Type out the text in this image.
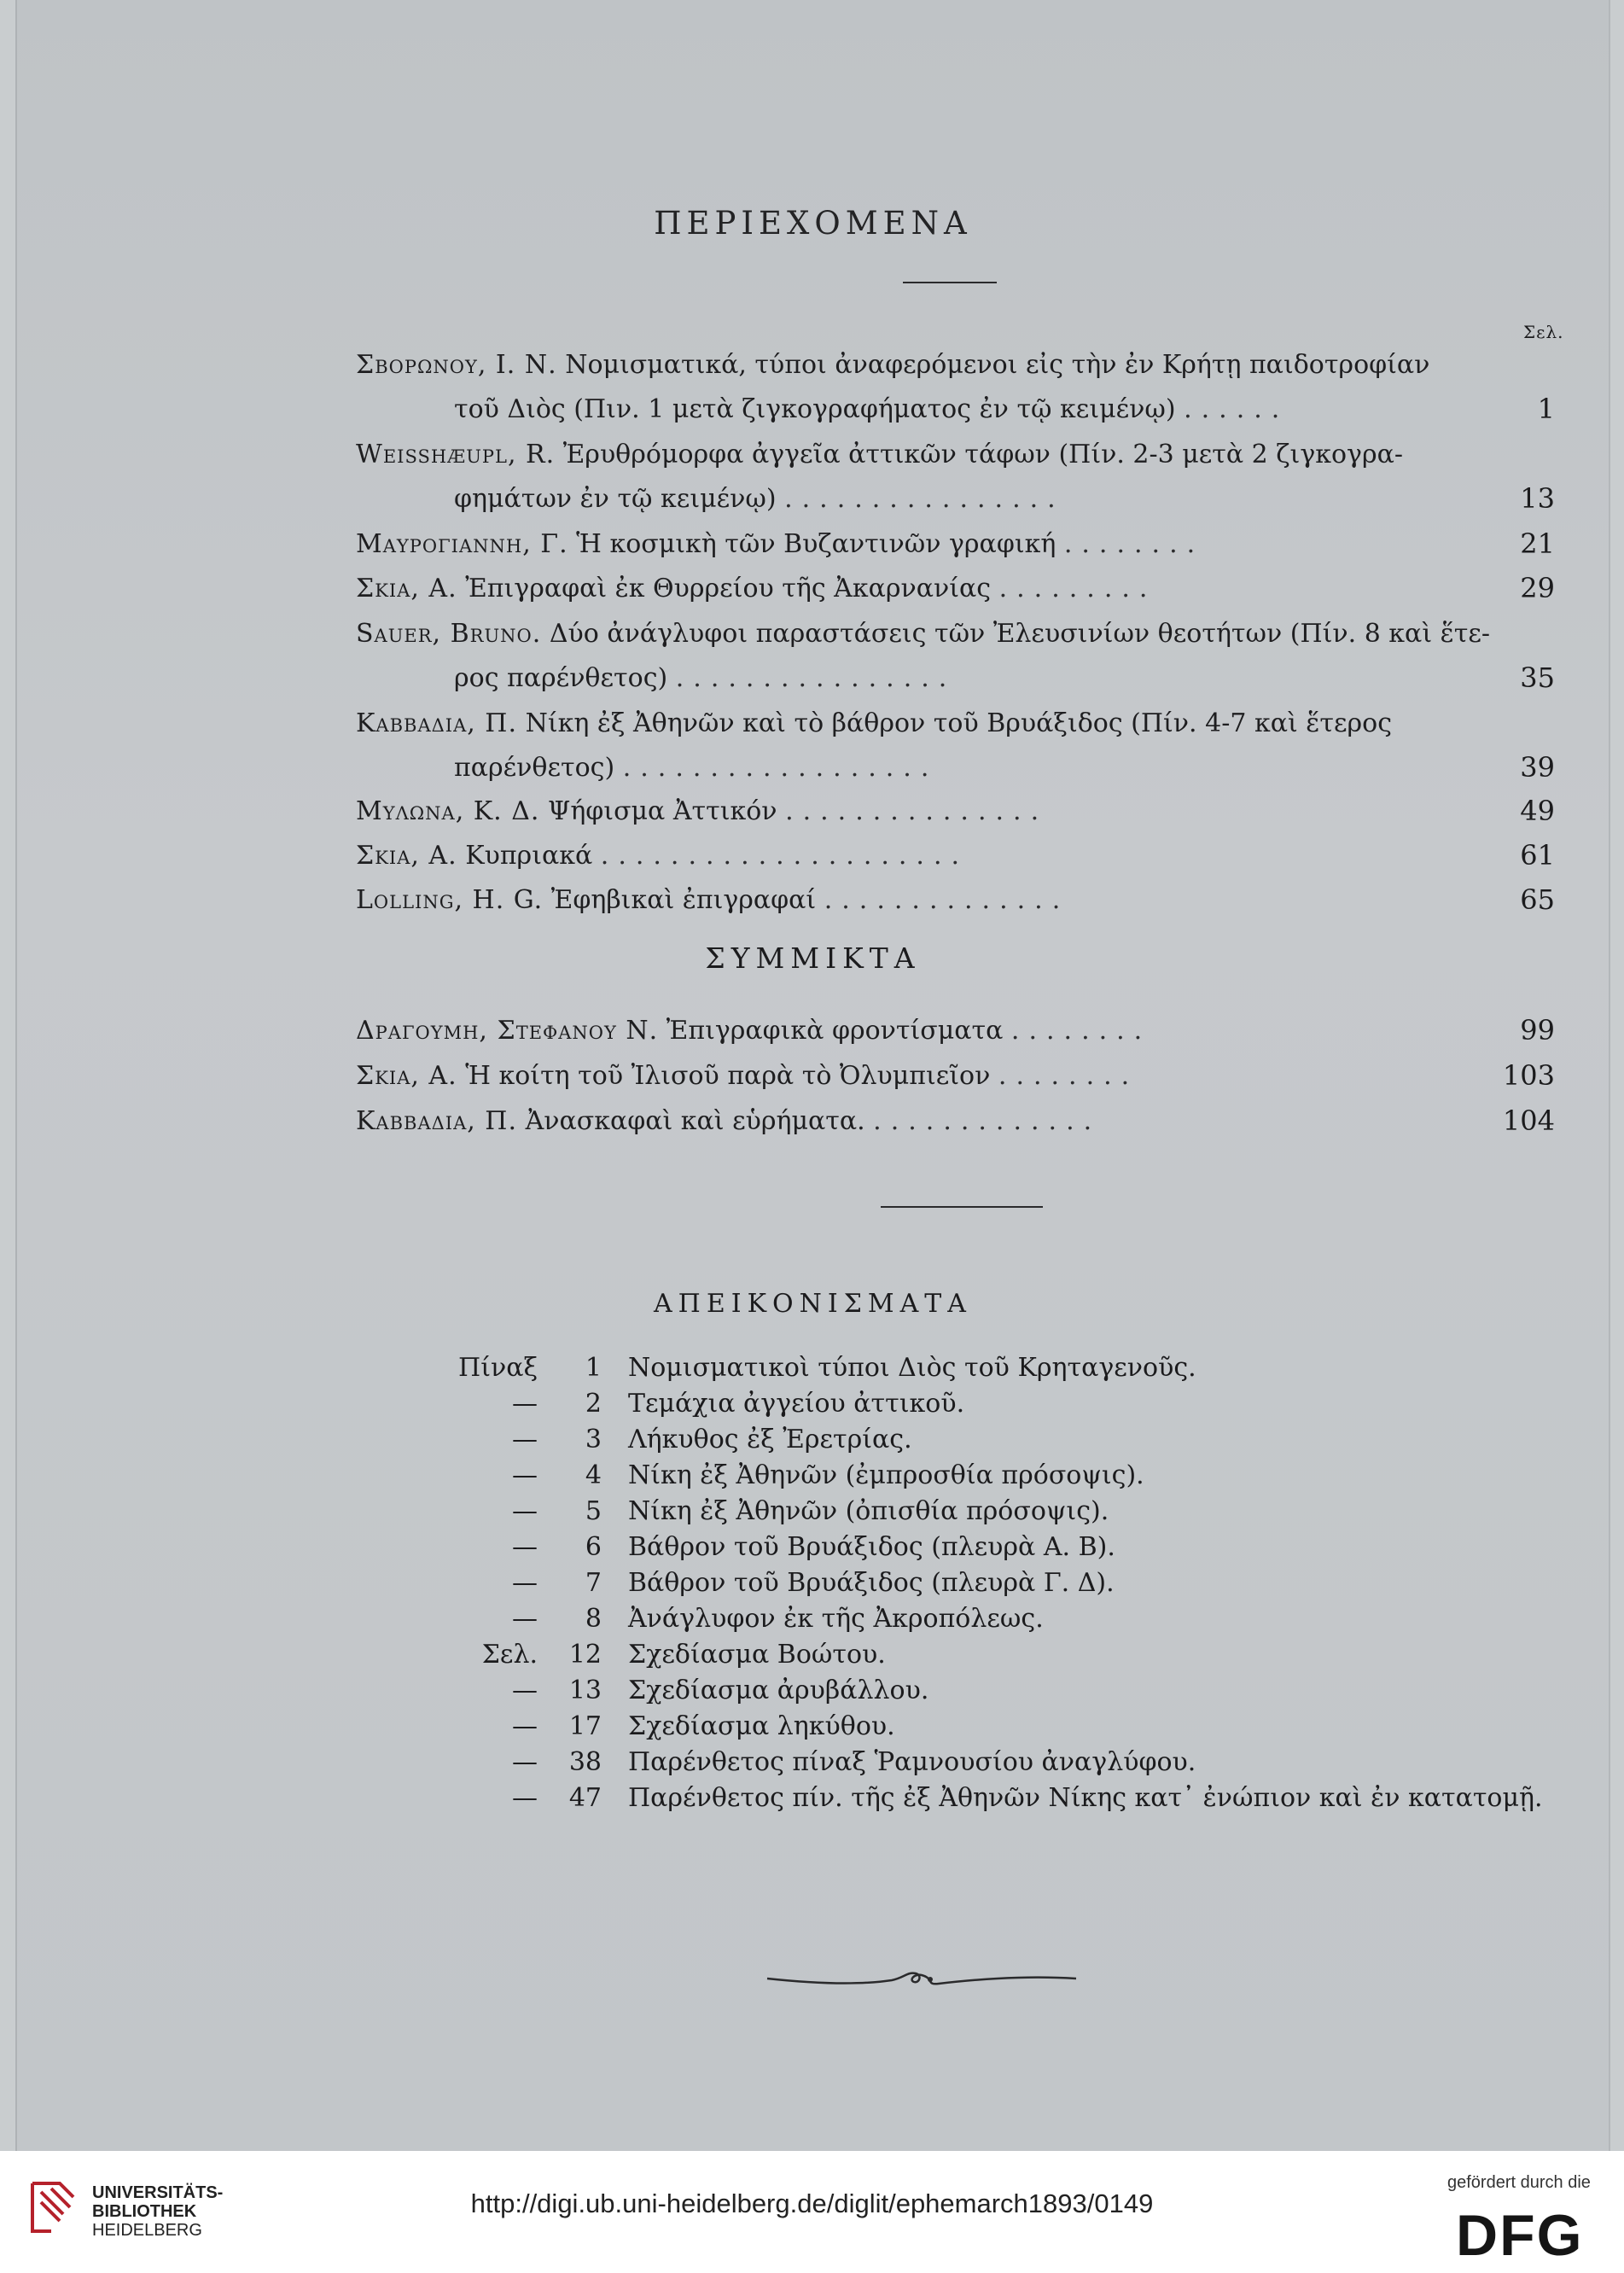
ΠΕΡΙΕΧΟΜΕΝΑ
Σελ.
Σβορωνου, Ι. Ν. Νομισματικά, τύποι ἀναφερόμενοι εἰς τὴν ἐν Κρήτῃ παιδοτροφίαν
τοῦ Διὸς (Πιν. 1 μετὰ ζιγκογραφήματος ἐν τῷ κειμένῳ) ......	1
Weisshæupl, R. Ἐρυθρόμορφα ἀγγεῖα ἀττικῶν τάφων (Πίν. 2-3 μετὰ 2 ζιγκογρα-
φημάτων ἐν τῷ κειμένῳ) ................	13
Μαυρογιαννη, Γ. Ἡ κοσμικὴ τῶν Βυζαντινῶν γραφική ........	21
Σκια, Α. Ἐπιγραφαὶ ἐκ Θυρρείου τῆς Ἀκαρνανίας .........	29
Sauer, Bruno. Δύο ἀνάγλυφοι παραστάσεις τῶν Ἐλευσινίων θεοτήτων (Πίν. 8 καὶ ἕτε-
ρος παρένθετος) ................	35
Καββαδια, Π. Νίκη ἐξ Ἀθηνῶν καὶ τὸ βάθρον τοῦ Βρυάξιδος (Πίν. 4-7 καὶ ἕτερος
παρένθετος) ..................	39
Μυλωνα, Κ. Δ. Ψήφισμα Ἀττικόν ...............	49
Σκια, Α. Κυπριακά .....................	61
Lolling, H. G. Ἐφηβικαὶ ἐπιγραφαί ..............	65
ΣΥΜΜΙΚΤΑ
Δραγουμη, Στεφανου Ν. Ἐπιγραφικὰ φροντίσματα ........	99
Σκια, Α. Ἡ κοίτη τοῦ Ἰλισοῦ παρὰ τὸ Ὀλυμπιεῖον ........	103
Καββαδια, Π. Ἀνασκαφαὶ καὶ εὑρήματα. .............	104
ΑΠΕΙΚΟΝΙΣΜΑΤΑ
Πίναξ	1 Νομισματικοὶ τύποι Διὸς τοῦ Κρηταγενοῦς.
—	2 Τεμάχια ἀγγείου ἀττικοῦ.
—	3 Λήκυθος ἐξ Ἐρετρίας.
—	4 Νίκη ἐξ Ἀθηνῶν (ἐμπροσθία πρόσοψις).
—	5 Νίκη ἐξ Ἀθηνῶν (ὀπισθία πρόσοψις).
—	6 Βάθρον τοῦ Βρυάξιδος (πλευρὰ Α. Β).
—	7 Βάθρον τοῦ Βρυάξιδος (πλευρὰ Γ. Δ).
—	8 Ἀνάγλυφον ἐκ τῆς Ἀκροπόλεως.
Σελ.	12 Σχεδίασμα Βοώτου.
—	13 Σχεδίασμα ἀρυβάλλου.
—	17 Σχεδίασμα ληκύθου.
—	38 Παρένθετος πίναξ Ῥαμνουσίου ἀναγλύφου.
—	47 Παρένθετος πίν. τῆς ἐξ Ἀθηνῶν Νίκης κατ᾽ ἐνώπιον καὶ ἐν κατατομῇ.
UNIVERSITÄTS-
BIBLIOTHEK
HEIDELBERG
http://digi.ub.uni-heidelberg.de/diglit/ephemarch1893/0149
gefördert durch die
DFG
